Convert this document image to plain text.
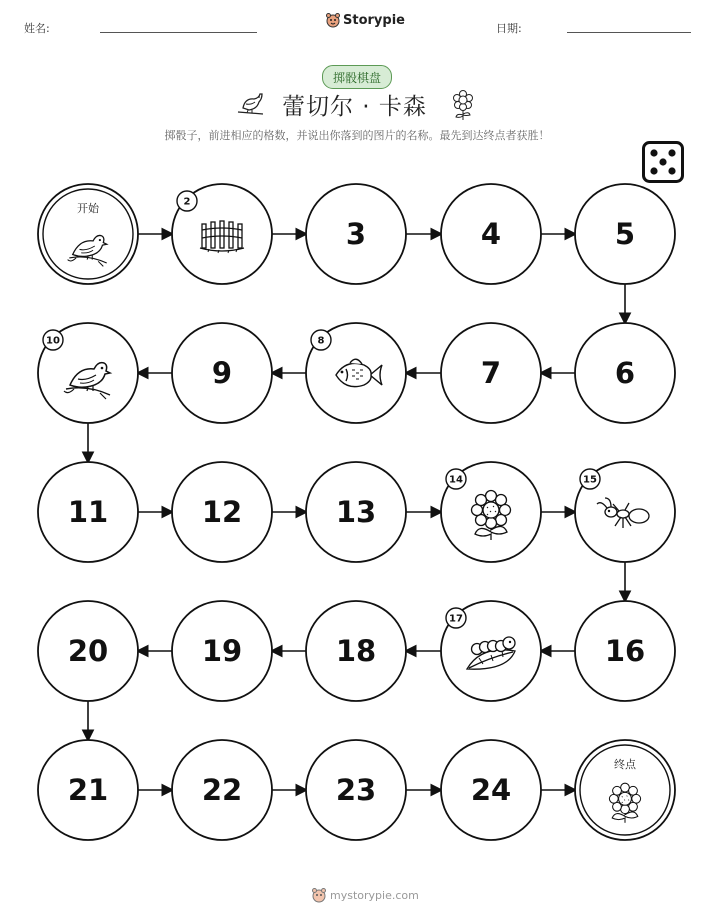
姓名:
Storypie
日期:
掷骰棋盘
蕾切尔 · 卡森
掷骰子，前进相应的格数，并说出你落到的图片的名称。最先到达终点者获胜！
开始	2
3	4	5
6
7
8
9
10
11	12	13
14	15
16
17
18
19
20
21	22	23	24
终点
mystorypie.com
